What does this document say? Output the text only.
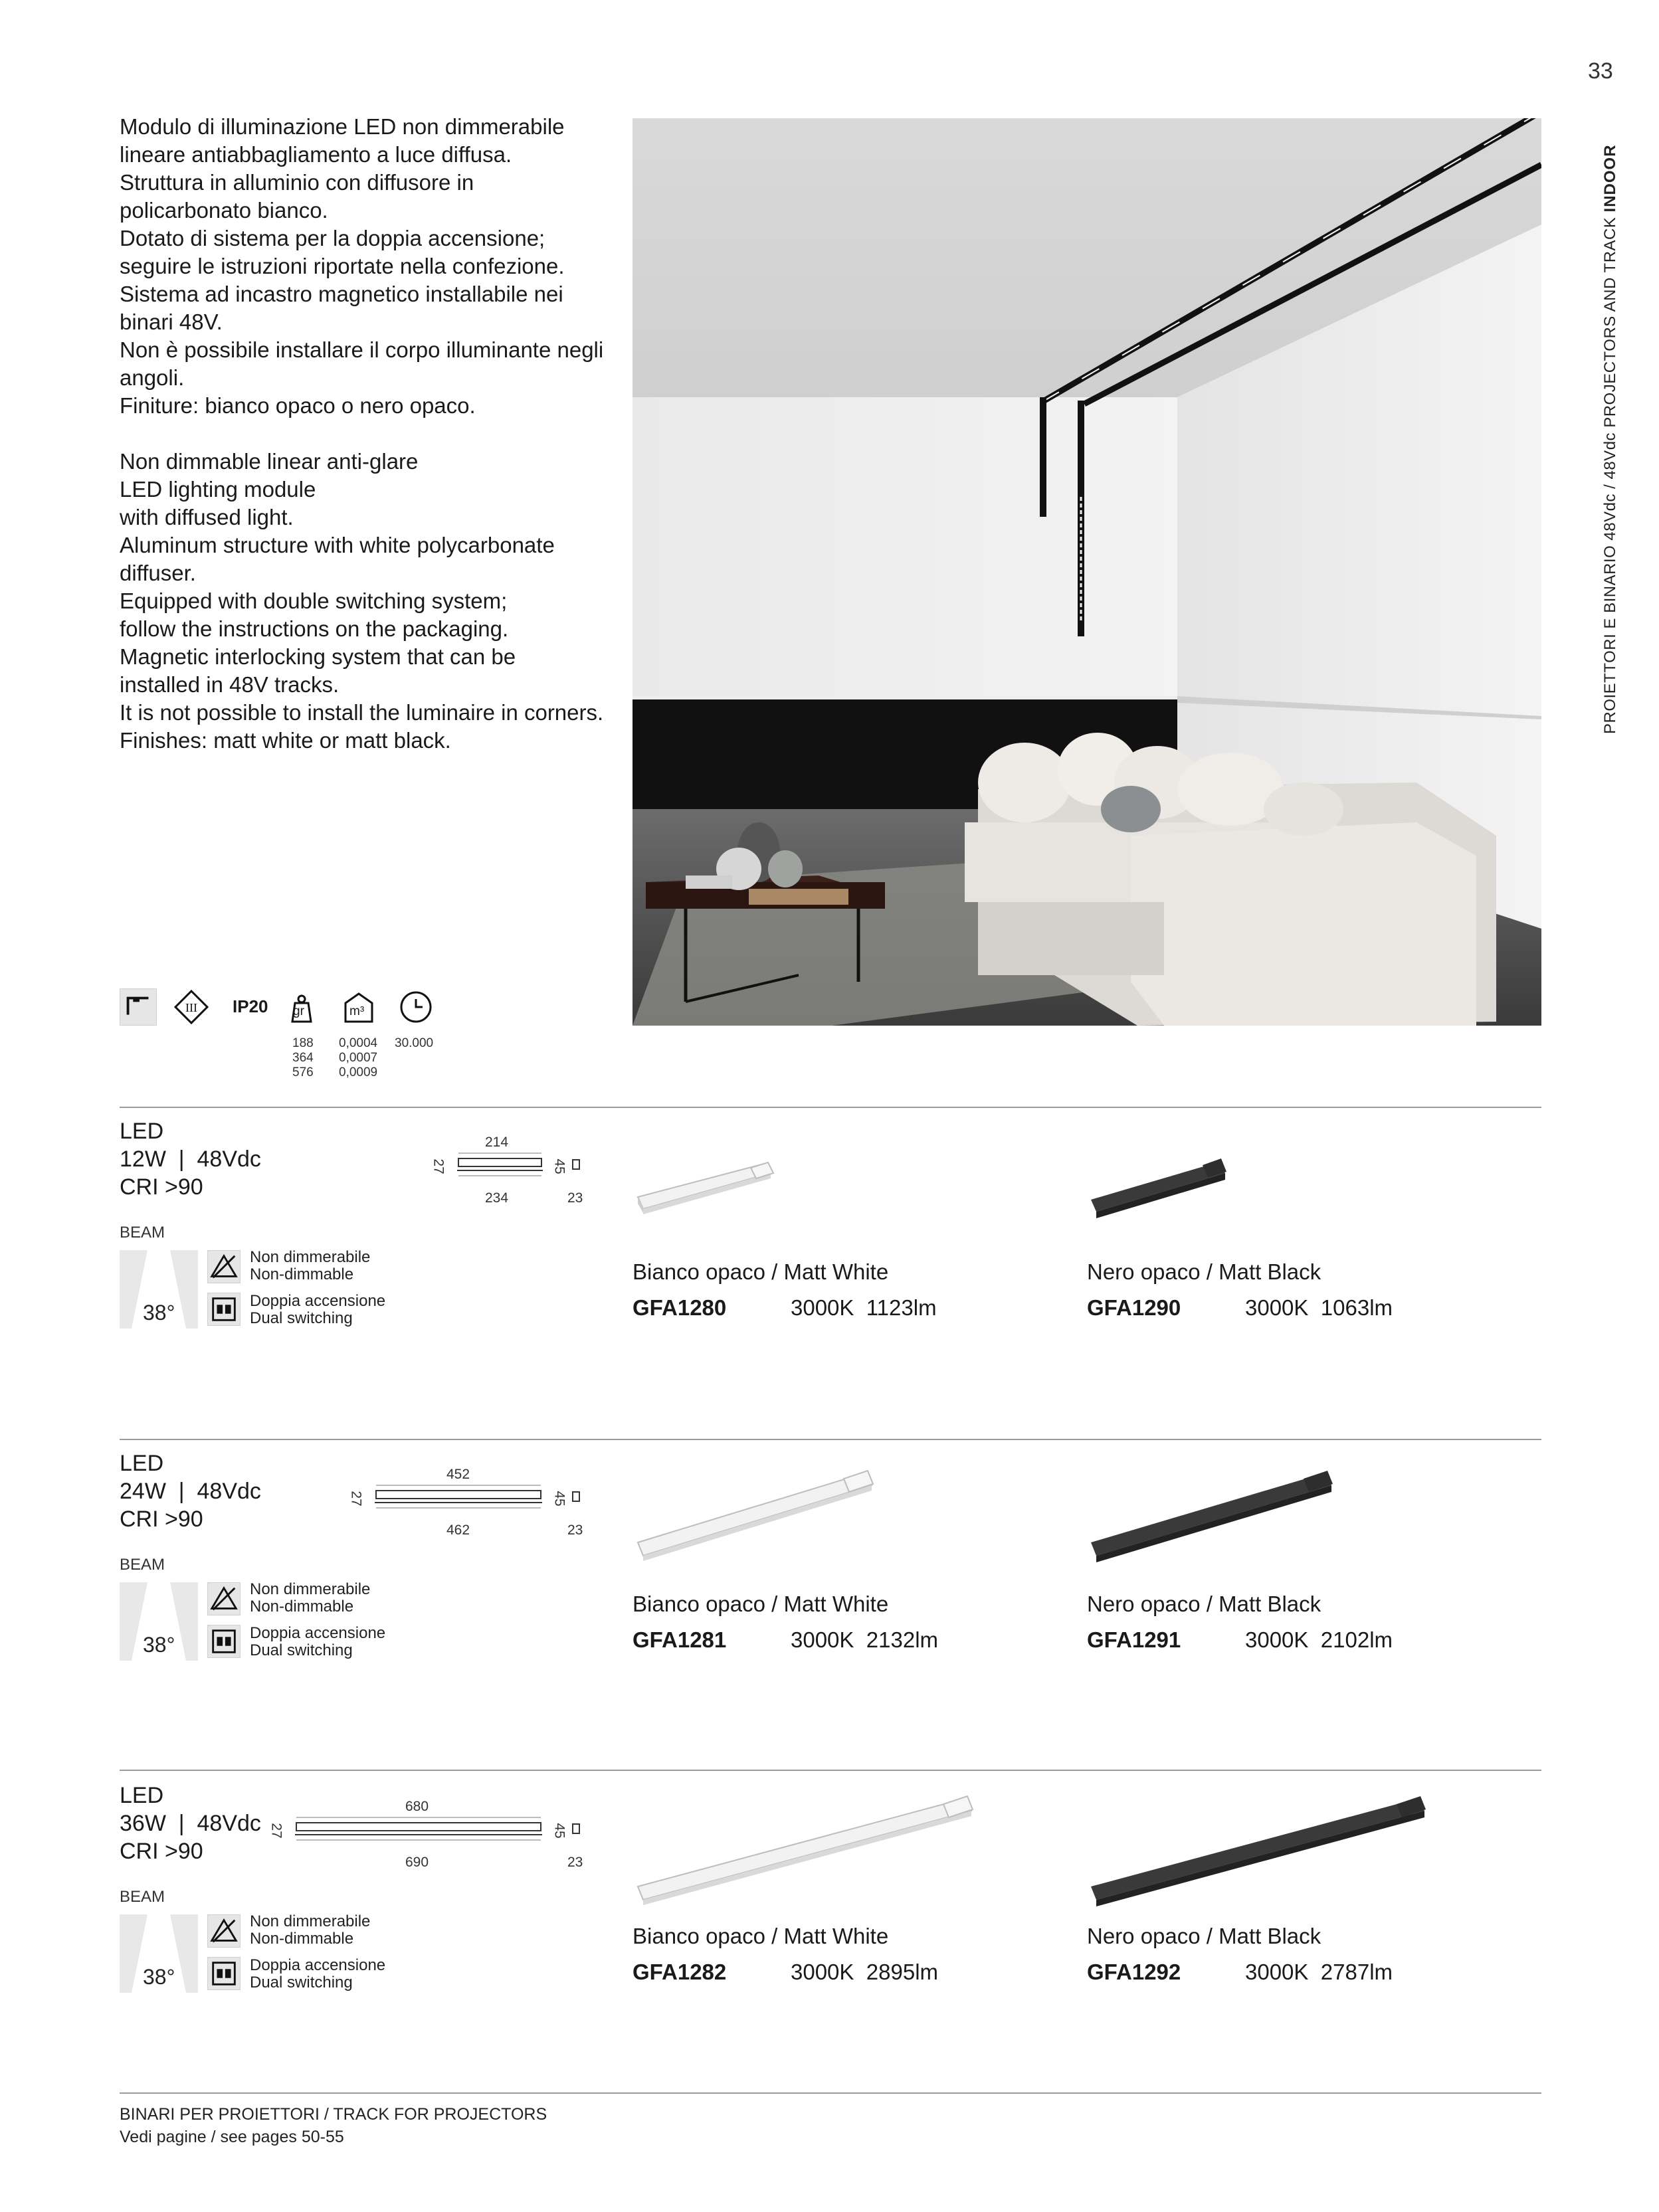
33
PROIETTORI E BINARIO 48Vdc / 48Vdc PROJECTORS AND TRACK INDOOR

Modulo di illuminazione LED non dimmerabile

lineare antiabbagliamento a luce diffusa.

Struttura in alluminio con diffusore in

policarbonato bianco.

Dotato di sistema per la doppia accensione;

seguire le istruzioni riportate nella confezione.

Sistema ad incastro magnetico installabile nei

binari 48V.

Non è possibile installare il corpo illuminante negli

angoli.

Finiture: bianco opaco o nero opaco.

Non dimmable linear anti-glare

LED lighting module

with diffused light.

Aluminum structure with white polycarbonate

diffuser.

Equipped with double switching system;

follow the instructions on the packaging.

Magnetic interlocking system that can be

installed in 48V tracks.

It is not possible to install the luminaire in corners.

Finishes: matt white or matt black.

III IP20 gr	m³
188
364
576
0,0004
0,0007
0,0009
30.000
LED
12W  |  48Vdc
CRI >90
214
27	45
234	23
BEAM
38°
Non dimmerabile
Non-dimmable
Doppia accensione
Dual switching
Bianco opaco / Matt White
GFA1280	3000K 1123lm
Nero opaco / Matt Black
GFA1290	3000K 1063lm
LED
24W  |  48Vdc
CRI >90
452
27	45
462	23
BEAM
38°
Non dimmerabile
Non-dimmable
Doppia accensione
Dual switching
Bianco opaco / Matt White
GFA1281	3000K 2132lm
Nero opaco / Matt Black
GFA1291	3000K 2102lm
LED
36W  |  48Vdc
CRI >90
680
27	45
690	23
BEAM
38°
Non dimmerabile
Non-dimmable
Doppia accensione
Dual switching
Bianco opaco / Matt White
GFA1282	3000K 2895lm
Nero opaco / Matt Black
GFA1292	3000K 2787lm
BINARI PER PROIETTORI / TRACK FOR PROJECTORS
Vedi pagine / see pages 50-55
